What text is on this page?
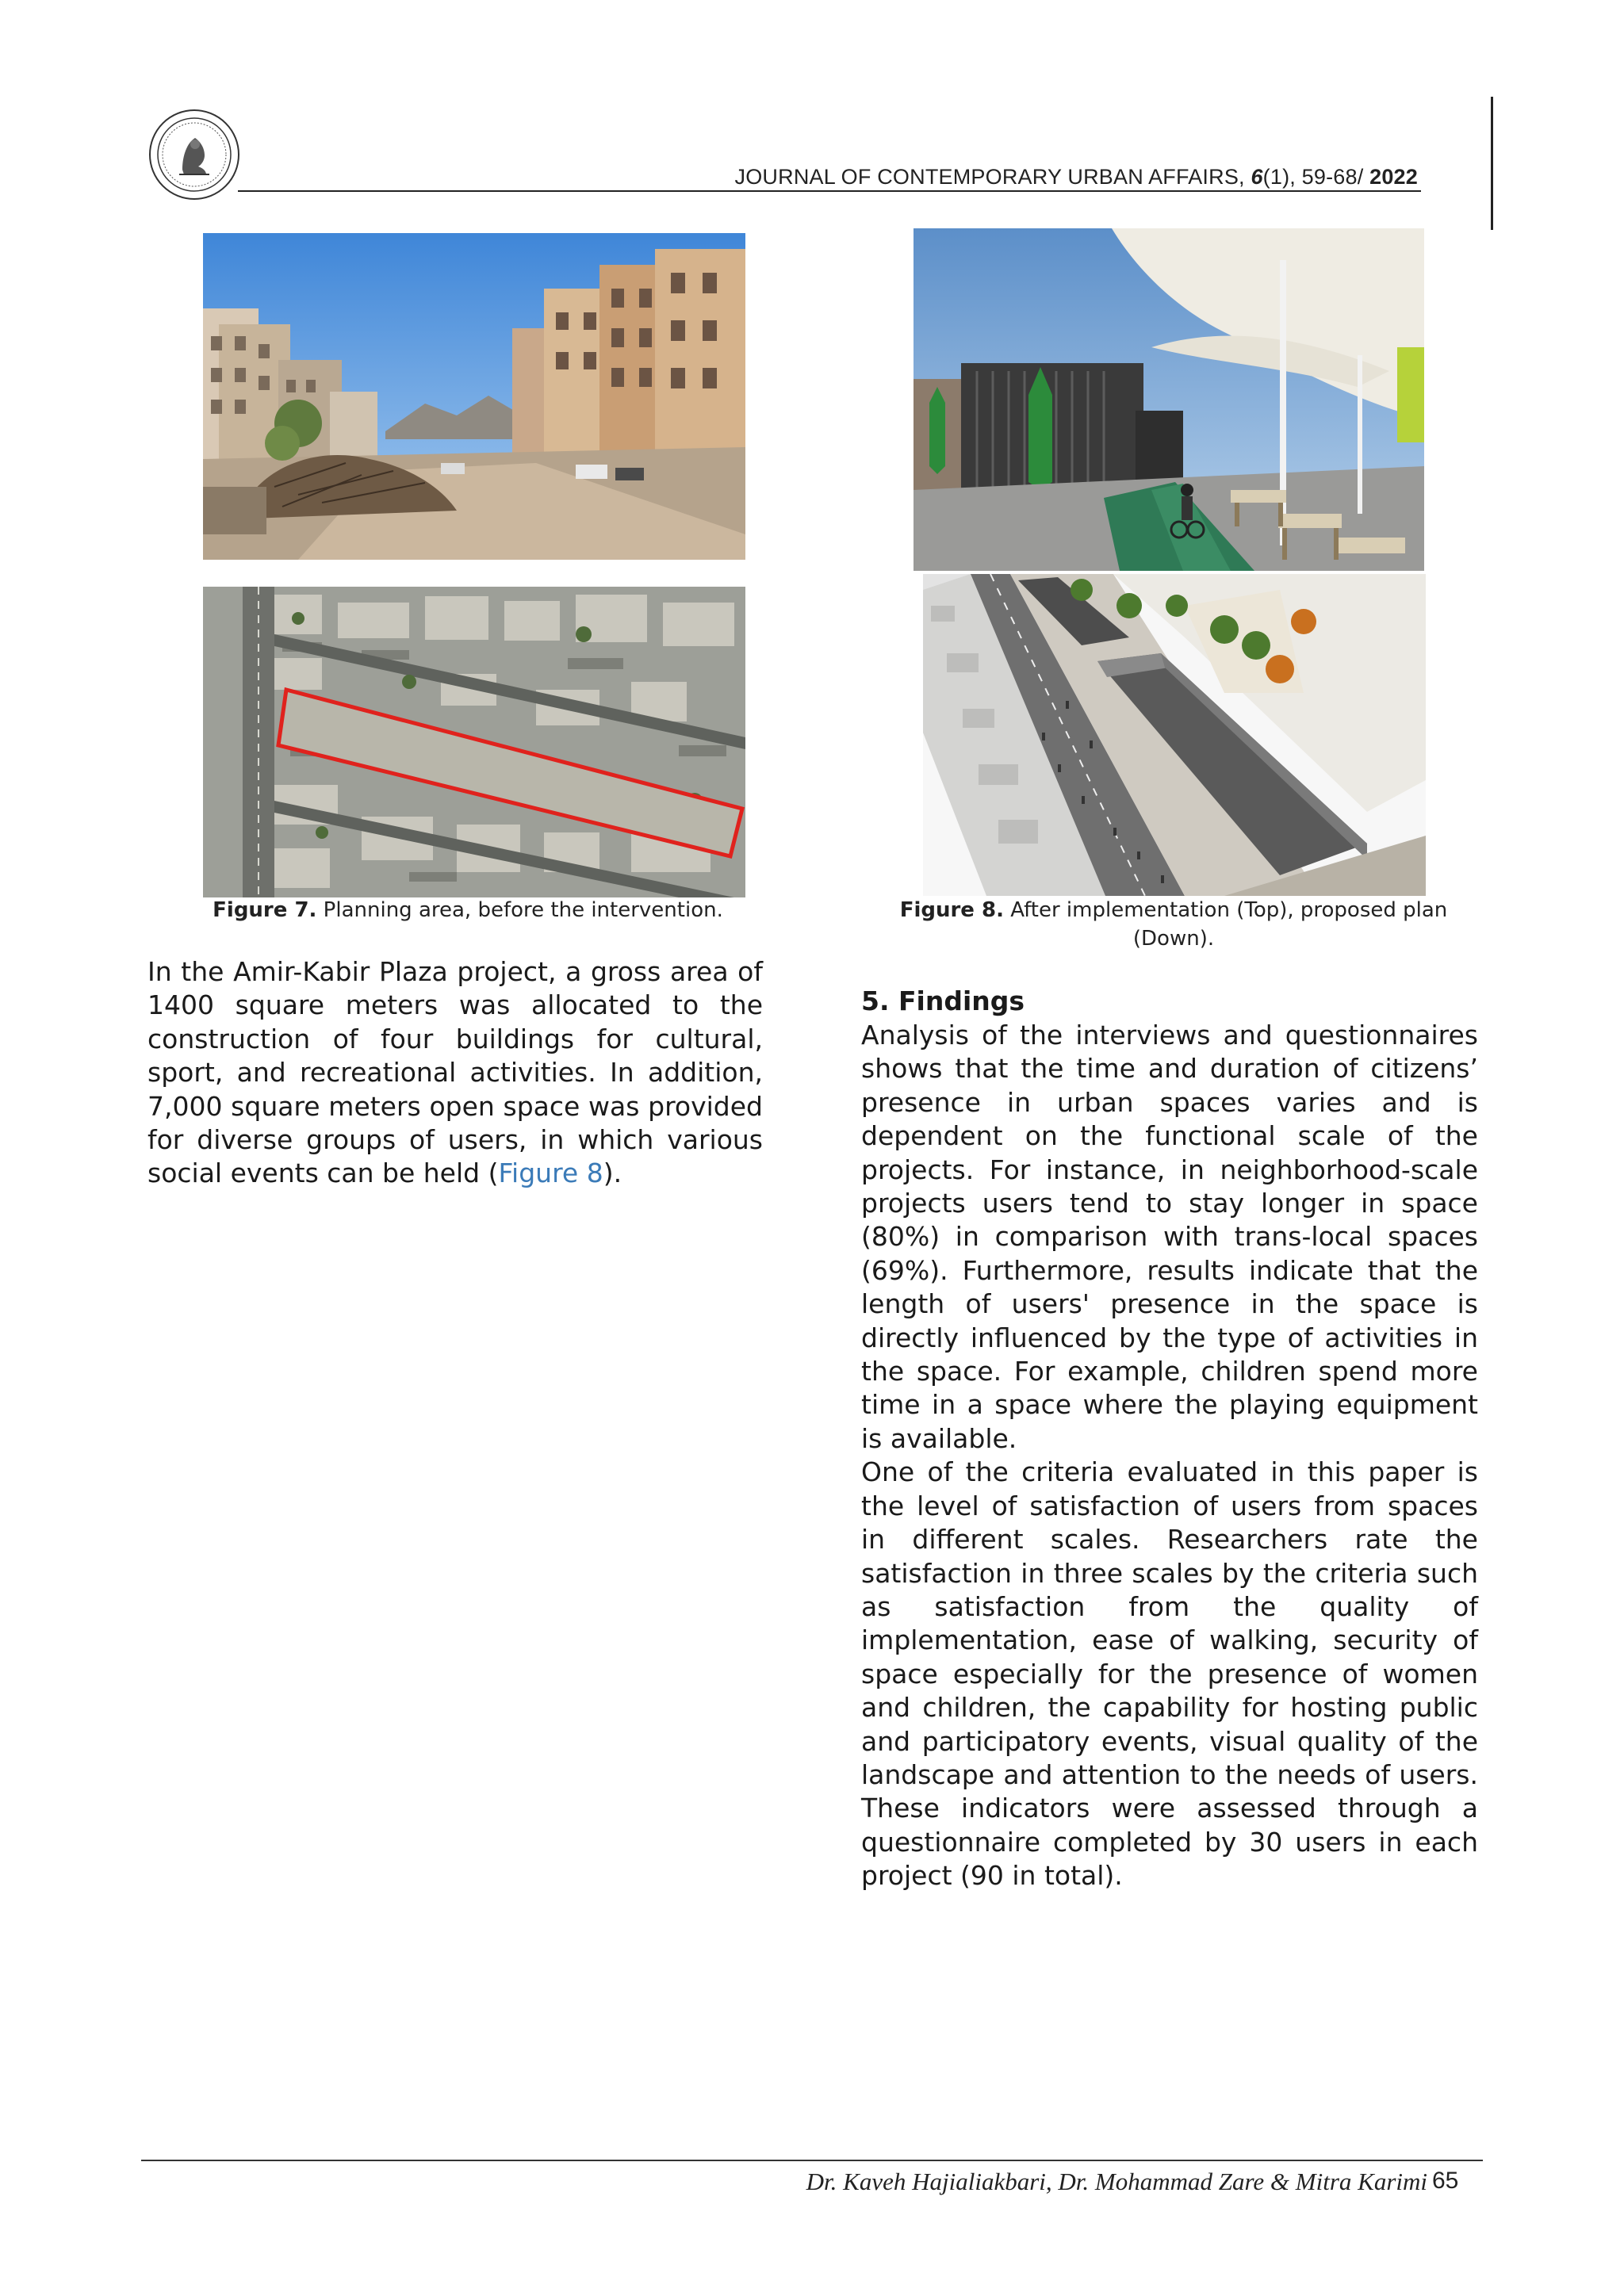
JOURNAL OF CONTEMPORARY URBAN AFFAIRS, 6(1), 59-68/ 2022
Figure 7. Planning area, before the intervention.	Figure 8. After implementation (Top), proposed plan (Down).

In the Amir-Kabir Plaza project, a gross area of 1400 square meters was allocated to the construction of four buildings for cultural, sport, and recreational activities. In addition, 7,000 square meters open space was provided for diverse groups of users, in which various social events can be held (Figure 8).

5. Findings

Analysis of the interviews and questionnaires shows that the time and duration of citizens’ presence in urban spaces varies and is dependent on the functional scale of the projects. For instance, in neighborhood-scale projects users tend to stay longer in space (80%) in comparison with trans-local spaces (69%). Furthermore, results indicate that the length of users' presence in the space is directly influenced by the type of activities in the space. For example, children spend more time in a space where the playing equipment is available.

One of the criteria evaluated in this paper is the level of satisfaction of users from spaces in different scales. Researchers rate the satisfaction in three scales by the criteria such as satisfaction from the quality of implementation, ease of walking, security of space especially for the presence of women and children, the capability for hosting public and participatory events, visual quality of the landscape and attention to the needs of users. These indicators were assessed through a questionnaire completed by 30 users in each project (90 in total).

Dr. Kaveh Hajialiakbari, Dr. Mohammad Zare & Mitra Karimi 65
